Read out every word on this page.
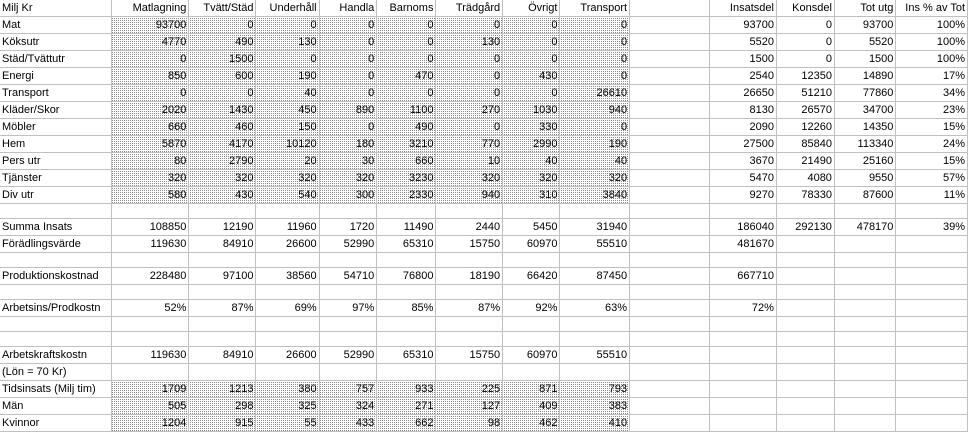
Milj Kr	Matlagning	Tvätt/Städ	Underhåll	Handla	Barnoms	Trädgård	Övrigt	Transport		Insatsdel	Konsdel	Tot utg	Ins % av Tot
Mat	93700	0	0	0	0	0	0	0		93700	0	93700	100%
Köksutr	4770	490	130	0	0	130	0	0		5520	0	5520	100%
Städ/Tvättutr	0	1500	0	0	0	0	0	0		1500	0	1500	100%
Energi	850	600	190	0	470	0	430	0		2540	12350	14890	17%
Transport	0	0	40	0	0	0	0	26610		26650	51210	77860	34%
Kläder/Skor	2020	1430	450	890	1100	270	1030	940		8130	26570	34700	23%
Möbler	660	460	150	0	490	0	330	0		2090	12260	14350	15%
Hem	5870	4170	10120	180	3210	770	2990	190		27500	85840	113340	24%
Pers utr	80	2790	20	30	660	10	40	40		3670	21490	25160	15%
Tjänster	320	320	320	320	3230	320	320	320		5470	4080	9550	57%
Div utr	580	430	540	300	2330	940	310	3840		9270	78330	87600	11%

Summa Insats	108850	12190	11960	1720	11490	2440	5450	31940		186040	292130	478170	39%
Förädlingsvärde	119630	84910	26600	52990	65310	15750	60970	55510		481670			

Produktionskostnad	228480	97100	38560	54710	76800	18190	66420	87450		667710			

Arbetsins/Prodkostn	52%	87%	69%	97%	85%	87%	92%	63%		72%			

Arbetskraftskostn	119630	84910	26600	52990	65310	15750	60970	55510					
(Lön = 70 Kr)													
Tidsinsats (Milj tim)	1709	1213	380	757	933	225	871	793					
Män	505	298	325	324	271	127	409	383					
Kvinnor	1204	915	55	433	662	98	462	410					
